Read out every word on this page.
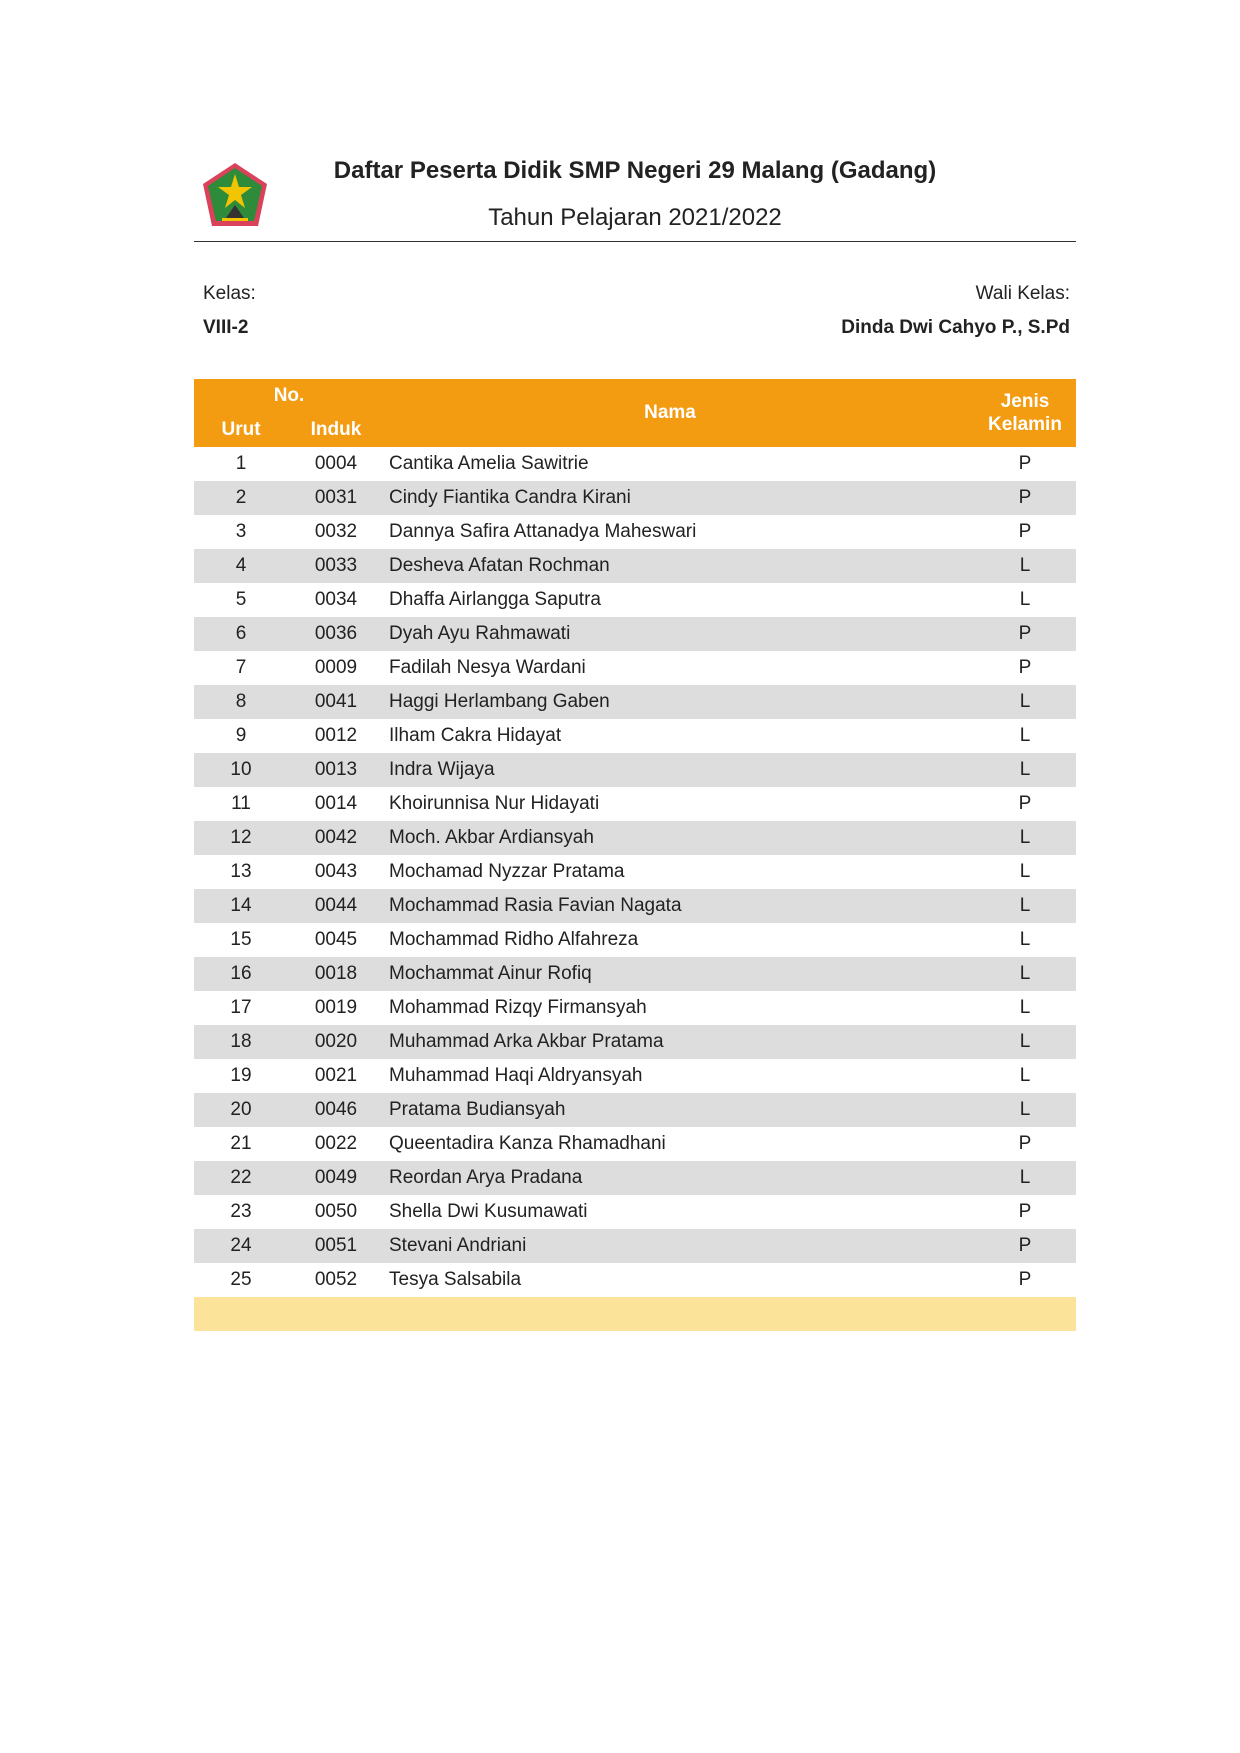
Daftar Peserta Didik SMP Negeri 29 Malang (Gadang)
Tahun Pelajaran 2021/2022
Kelas:
VIII-2
Wali Kelas:
Dinda Dwi Cahyo P., S.Pd
No.
Urut	Induk
Nama
Jenis
Kelamin
1	0004	Cantika Amelia Sawitrie	P
2	0031	Cindy Fiantika Candra Kirani	P
3	0032	Dannya Safira Attanadya Maheswari	P
4	0033	Desheva Afatan Rochman	L
5	0034	Dhaffa Airlangga Saputra	L
6	0036	Dyah Ayu Rahmawati	P
7	0009	Fadilah Nesya Wardani	P
8	0041	Haggi Herlambang Gaben	L
9	0012	Ilham Cakra Hidayat	L
10	0013	Indra Wijaya	L
11	0014	Khoirunnisa Nur Hidayati	P
12	0042	Moch. Akbar Ardiansyah	L
13	0043	Mochamad Nyzzar Pratama	L
14	0044	Mochammad Rasia Favian Nagata	L
15	0045	Mochammad Ridho Alfahreza	L
16	0018	Mochammat Ainur Rofiq	L
17	0019	Mohammad Rizqy Firmansyah	L
18	0020	Muhammad Arka Akbar Pratama	L
19	0021	Muhammad Haqi Aldryansyah	L
20	0046	Pratama Budiansyah	L
21	0022	Queentadira Kanza Rhamadhani	P
22	0049	Reordan Arya Pradana	L
23	0050	Shella Dwi Kusumawati	P
24	0051	Stevani Andriani	P
25	0052	Tesya Salsabila	P
